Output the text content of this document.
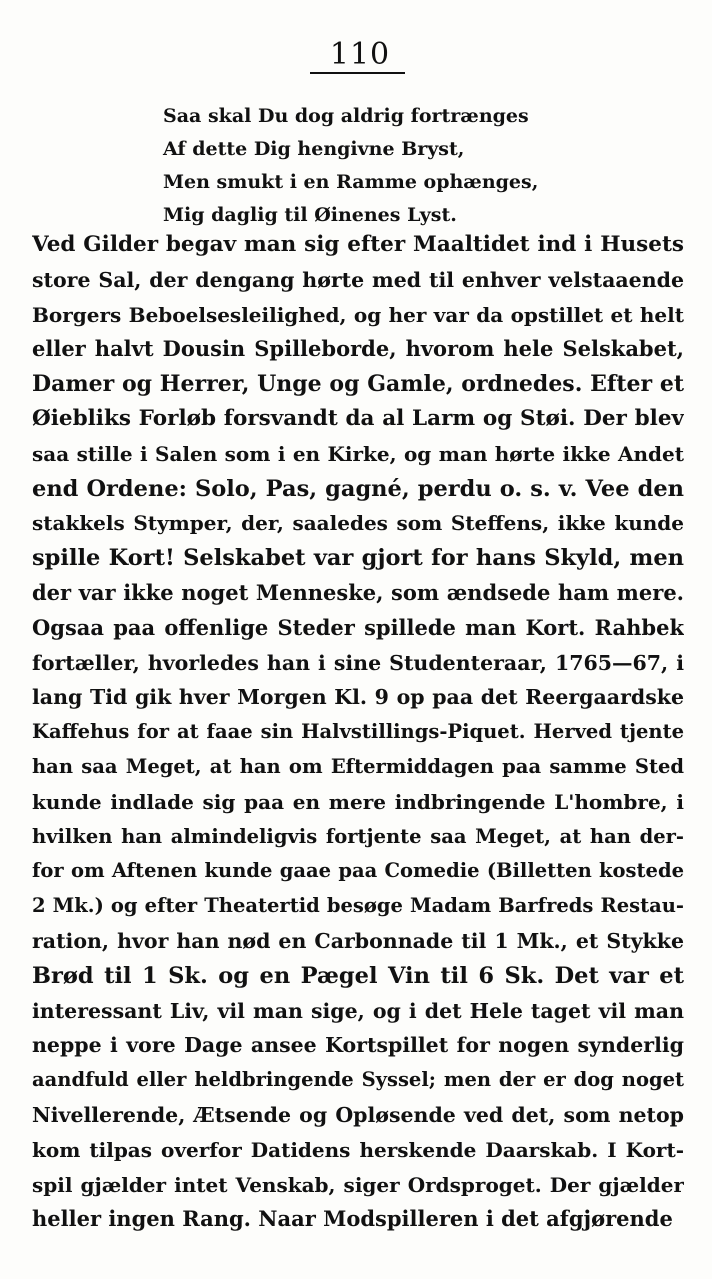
110
Saa skal Du dog aldrig fortrænges
Af dette Dig hengivne Bryst,
Men smukt i en Ramme ophænges,
Mig daglig til Øinenes Lyst.
Ved Gilder begav man sig efter Maaltidet ind i Husets
store Sal, der dengang hørte med til enhver velstaaende
Borgers Beboelsesleilighed, og her var da opstillet et helt
eller halvt Dousin Spilleborde, hvorom hele Selskabet,
Damer og Herrer, Unge og Gamle, ordnedes. Efter et
Øiebliks Forløb forsvandt da al Larm og Støi. Der blev
saa stille i Salen som i en Kirke, og man hørte ikke Andet
end Ordene: Solo, Pas, gagné, perdu o. s. v. Vee den
stakkels Stymper, der, saaledes som Steffens, ikke kunde
spille Kort! Selskabet var gjort for hans Skyld, men
der var ikke noget Menneske, som ændsede ham mere.
Ogsaa paa offenlige Steder spillede man Kort. Rahbek
fortæller, hvorledes han i sine Studenteraar, 1765—67, i
lang Tid gik hver Morgen Kl. 9 op paa det Reergaardske
Kaffehus for at faae sin Halvstillings-Piquet. Herved tjente
han saa Meget, at han om Eftermiddagen paa samme Sted
kunde indlade sig paa en mere indbringende L'hombre, i
hvilken han almindeligvis fortjente saa Meget, at han der-
for om Aftenen kunde gaae paa Comedie (Billetten kostede
2 Mk.) og efter Theatertid besøge Madam Barfreds Restau-
ration, hvor han nød en Carbonnade til 1 Mk., et Stykke
Brød til 1 Sk. og en Pægel Vin til 6 Sk. Det var et
interessant Liv, vil man sige, og i det Hele taget vil man
neppe i vore Dage ansee Kortspillet for nogen synderlig
aandfuld eller heldbringende Syssel; men der er dog noget
Nivellerende, Ætsende og Opløsende ved det, som netop
kom tilpas overfor Datidens herskende Daarskab. I Kort-
spil gjælder intet Venskab, siger Ordsproget. Der gjælder
heller ingen Rang. Naar Modspilleren i det afgjørende
